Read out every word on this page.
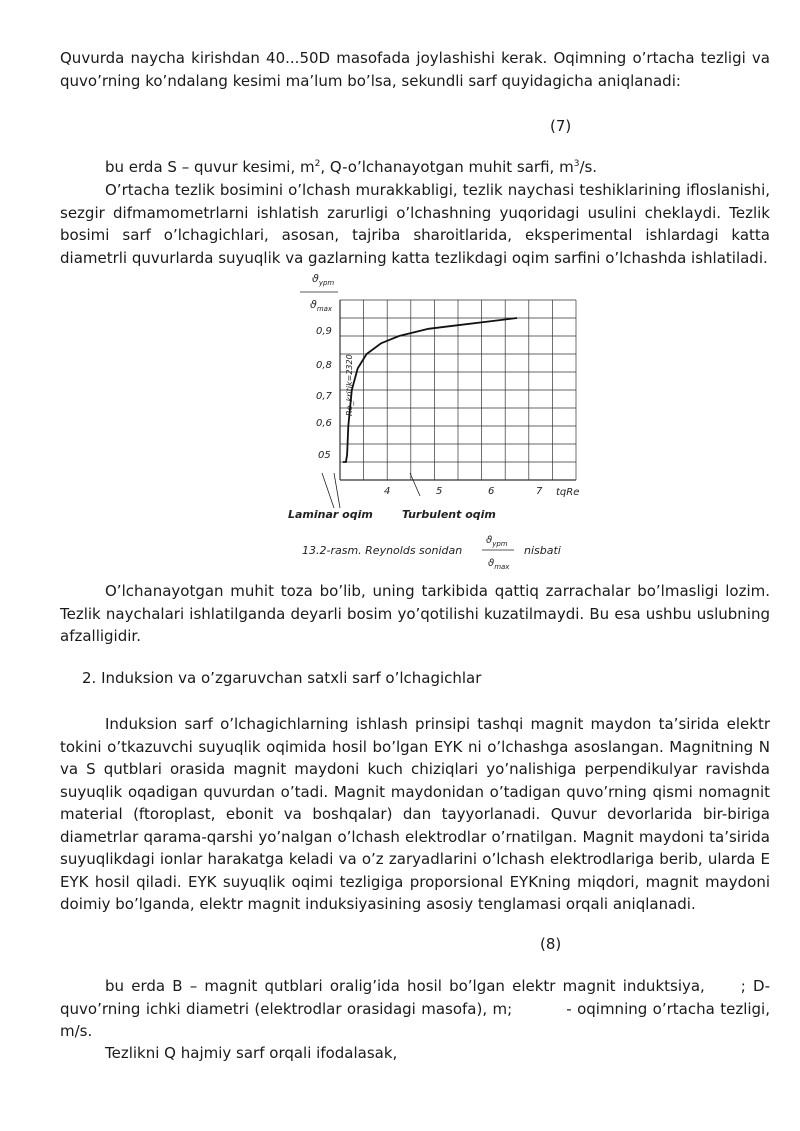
Quvurda naycha kirishdan 40...50D masofada joylashishi kerak. Oqimning o’rtacha tezligi va quvo’rning ko’ndalang kesimi ma’lum bo’lsa, sekundli sarf quyidagicha aniqlanadi:

(7)

bu erda S – quvur kesimi, $m^2$, Q-o’lchanayotgan muhit sarfi, $m^3/s$.

O’rtacha tezlik bosimini o’lchash murakkabligi, tezlik naychasi teshiklarining ifloslanishi, sezgir difmamometrlarni ishlatish zarurligi o’lchashning yuqoridagi usulini cheklaydi. Tezlik bosimi sarf o’lchagichlari, asosan, tajriba sharoitlarida, eksperimental ishlardagi katta diametrli quvurlarda suyuqlik va gazlarning katta tezlikdagi oqim sarfini o’lchashda ishlatiladi.

$ϑ_{ypm}$
$ϑ_{max}$
0,9
0,8
0,7
0,6
05
4	5	6	7 tqRe
Re_kritik=2320
Laminar oqim	Turbulent oqim
13.2-rasm. Reynolds sonidan
$ϑ_{ypm}$
$ϑ_{max}$
nisbati

O’lchanayotgan muhit toza bo’lib, uning tarkibida qattiq zarrachalar bo’lmasligi lozim. Tezlik naychalari ishlatilganda deyarli bosim yo’qotilishi kuzatilmaydi. Bu esa ushbu uslubning afzalligidir.

2. Induksion va o’zgaruvchan satxli sarf o’lchagichlar

Induksion sarf o’lchagichlarning ishlash prinsipi tashqi magnit maydon ta’sirida elektr tokini o’tkazuvchi suyuqlik oqimida hosil bo’lgan EYK ni o’lchashga asoslangan. Magnitning N va S qutblari orasida magnit maydoni kuch chiziqlari yo’nalishiga perpendikulyar ravishda suyuqlik oqadigan quvurdan o’tadi. Magnit maydonidan o’tadigan quvo’rning qismi nomagnit material (ftoroplast, ebonit va boshqalar) dan tayyorlanadi. Quvur devorlarida bir-biriga diametrlar qarama-qarshi yo’nalgan o’lchash elektrodlar o’rnatilgan. Magnit maydoni ta’sirida suyuqlikdagi ionlar harakatga keladi va o’z zaryadlarini o’lchash elektrodlariga berib, ularda E EYK hosil qiladi. EYK suyuqlik oqimi tezligiga proporsional EYKning miqdori, magnit maydoni doimiy bo’lganda, elektr magnit induksiyasining asosiy tenglamasi orqali aniqlanadi.

(8)

bu erda B – magnit qutblari oralig’ida hosil bo’lgan elektr magnit induktsiya,     ; D-quvo’rning ichki diametri (elektrodlar orasidagi masofa), m;          - oqimning o’rtacha tezligi, m/s.

Tezlikni Q hajmiy sarf orqali ifodalasak,
